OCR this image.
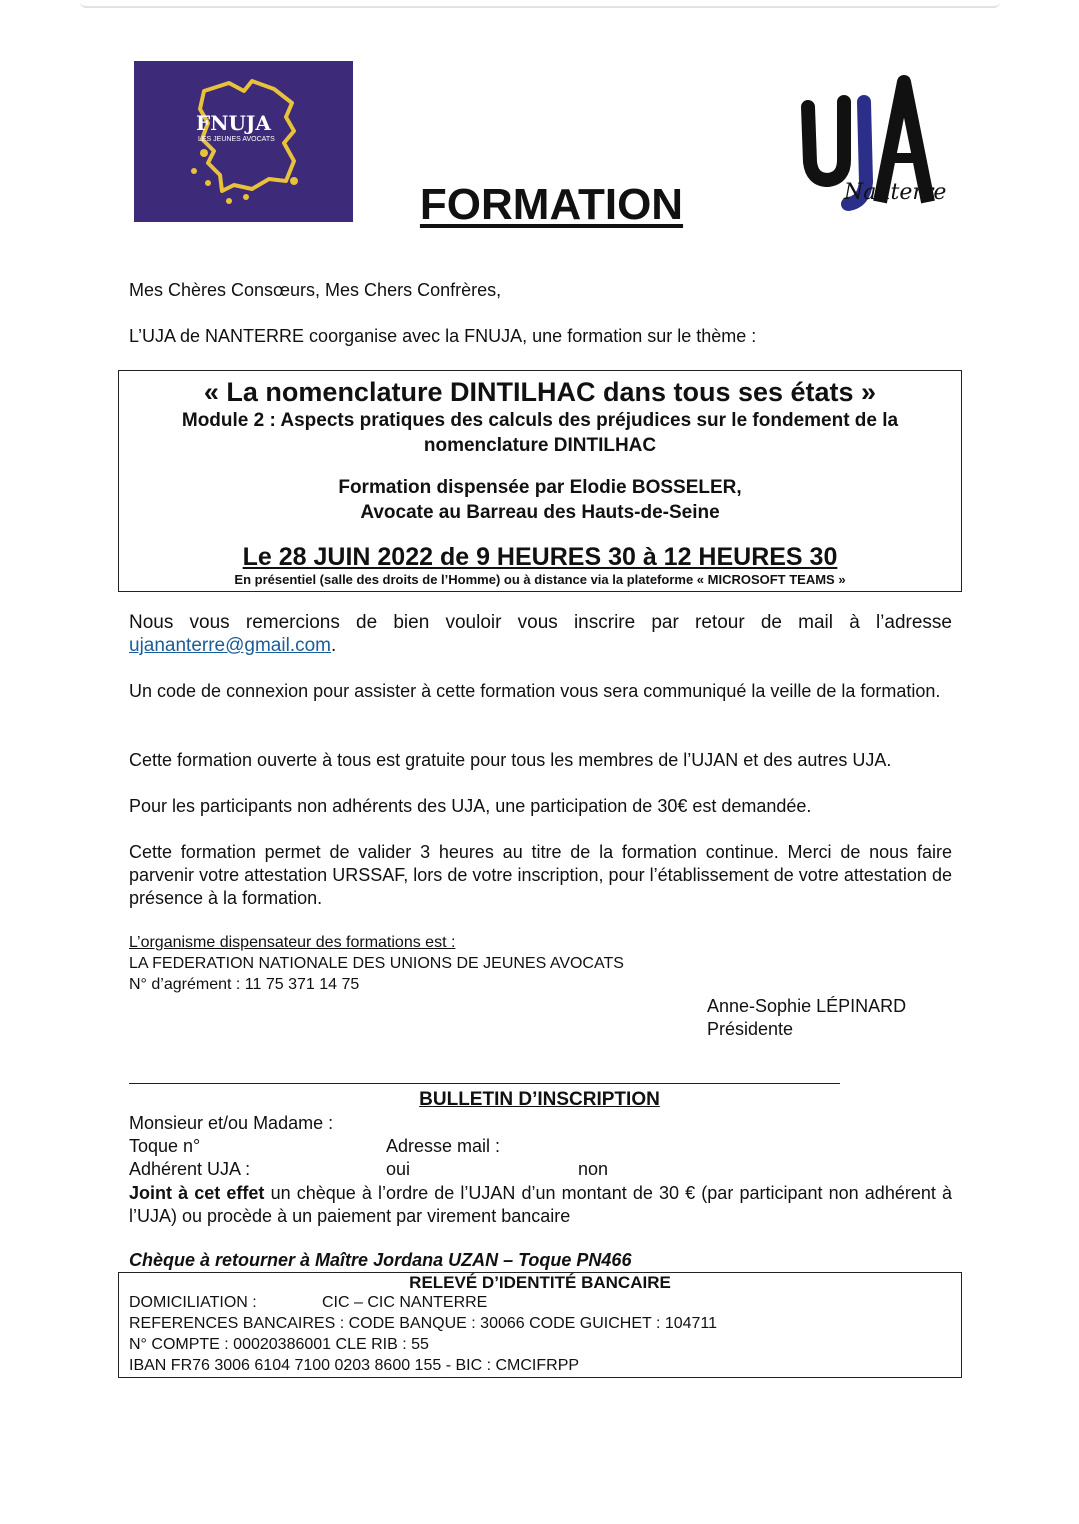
FNUJA
LES JEUNES AVOCATS
Nanterre
FORMATION
Mes Chères Consœurs, Mes Chers Confrères,
L’UJA de NANTERRE coorganise avec la FNUJA, une formation sur le thème :
« La nomenclature DINTILHAC dans tous ses états »
Module 2 : Aspects pratiques des calculs des préjudices sur le fondement de la
nomenclature DINTILHAC
Formation dispensée par Elodie BOSSELER,
Avocate au Barreau des Hauts-de-Seine
Le 28 JUIN 2022 de 9 HEURES 30 à 12 HEURES 30
En présentiel (salle des droits de l’Homme) ou à distance via la plateforme « MICROSOFT TEAMS »
Nous vous remercions de bien vouloir vous inscrire par retour de mail à l’adresse ujananterre@gmail.com.
Un code de connexion pour assister à cette formation vous sera communiqué la veille de la formation.
Cette formation ouverte à tous est gratuite pour tous les membres de l’UJAN et des autres UJA.
Pour les participants non adhérents des UJA, une participation de 30€ est demandée.
Cette formation permet de valider 3 heures au titre de la formation continue. Merci de nous faire parvenir votre attestation URSSAF, lors de votre inscription, pour l’établissement de votre attestation de présence à la formation.
L’organisme dispensateur des formations est :
LA FEDERATION NATIONALE DES UNIONS DE JEUNES AVOCATS
N° d’agrément : 11 75 371 14 75
Anne-Sophie LÉPINARD
Présidente
BULLETIN D’INSCRIPTION
Monsieur et/ou Madame :
Toque n°	Adresse mail :
Adhérent UJA :	oui	non
Joint à cet effet un chèque à l’ordre de l’UJAN d’un montant de 30 € (par participant non adhérent à l’UJA) ou procède à un paiement par virement bancaire
Chèque à retourner à Maître Jordana UZAN – Toque PN466
RELEVÉ D’IDENTITÉ BANCAIRE
DOMICILIATION :	CIC – CIC NANTERRE
REFERENCES BANCAIRES : CODE BANQUE : 30066 CODE GUICHET : 104711
N° COMPTE : 00020386001 CLE RIB : 55
IBAN FR76 3006 6104 7100 0203 8600 155 - BIC : CMCIFRPP
